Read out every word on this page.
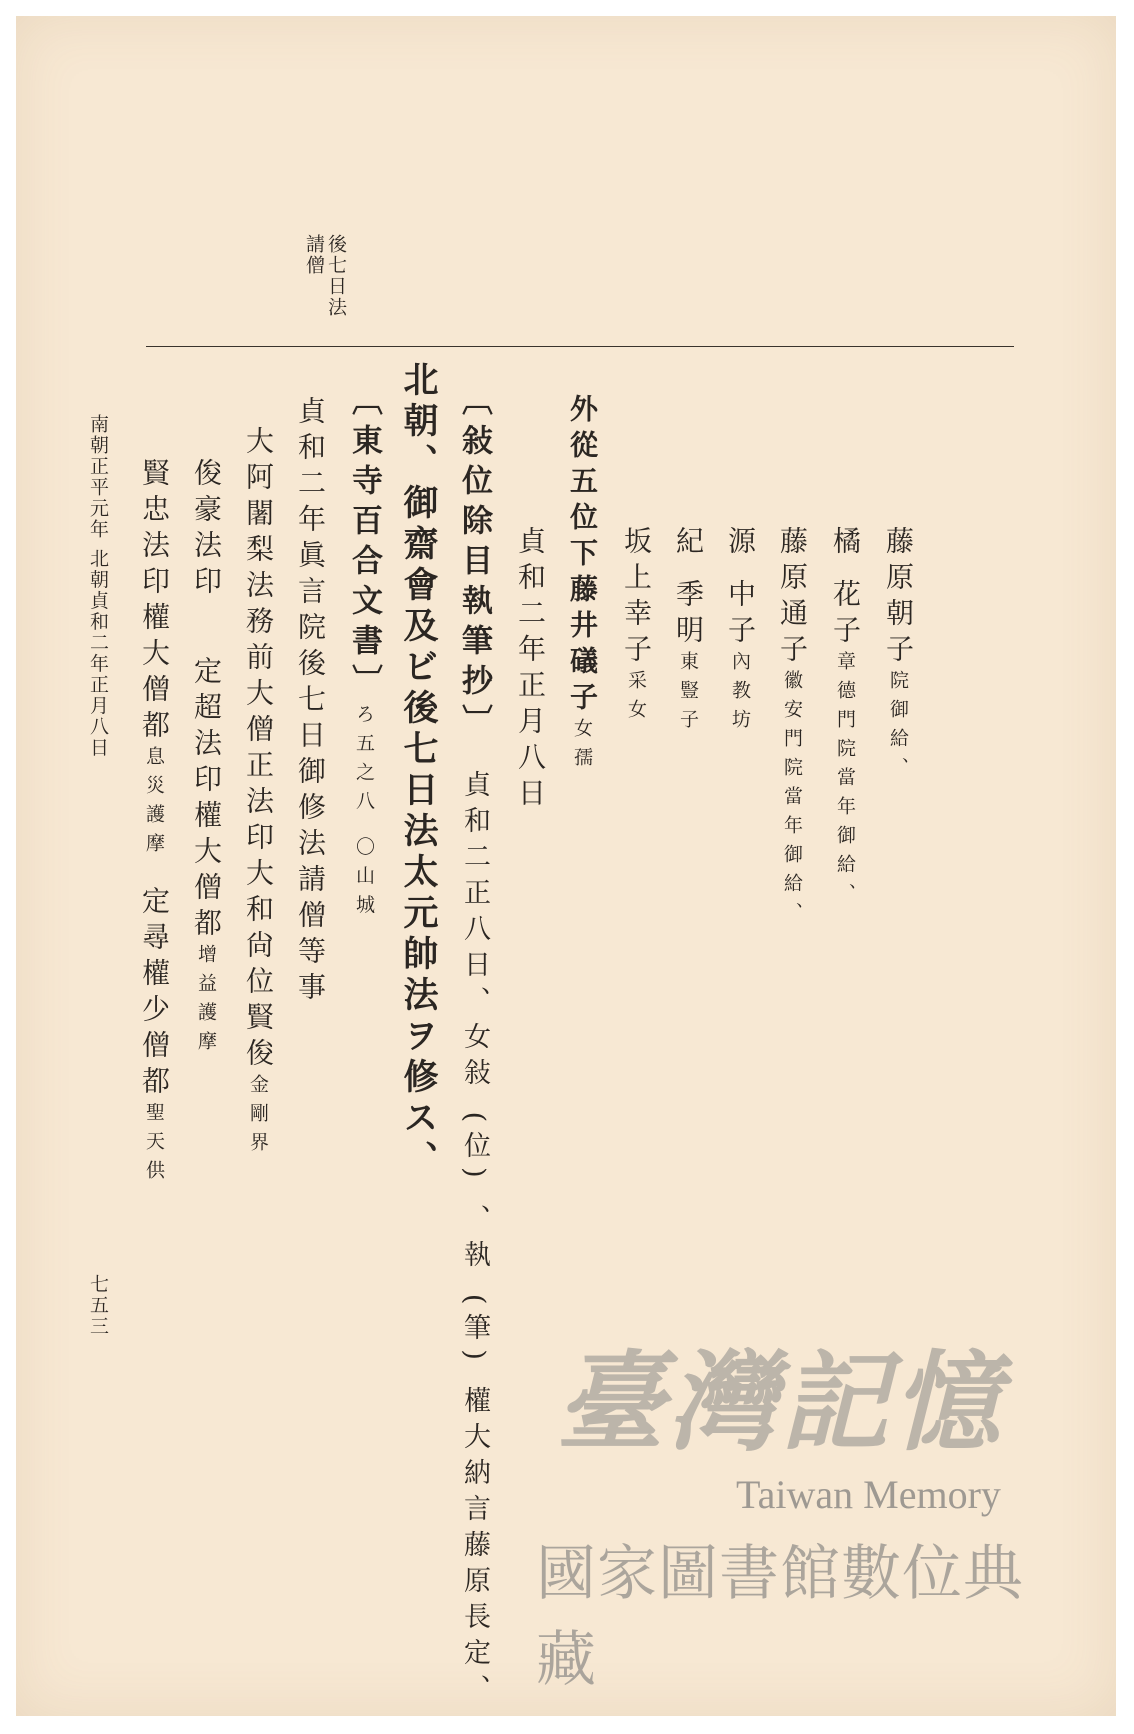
後七日法
請僧
藤原朝子院御給、
橘 花子章德門院當年御給、
藤原通子徽安門院當年御給、
源 中子內教坊
紀 季明東豎子
坂上幸子采女
外從五位下藤井礒子女孺
貞和二年正月八日
〔敍位除目執筆抄〕貞和二正八日、女敍 (位) 、執 (筆) 權大納言藤原長定、
北朝、御齋會及ビ後七日法太元帥法ヲ修ス、
〔東寺百合文書〕ろ五之八 〇山城
貞和二年眞言院後七日御修法請僧等事
大阿闍梨法務前大僧正法印大和尙位賢俊金剛界
俊豪法印
定超法印權大僧都增益護摩
賢忠法印權大僧都息災護摩
定尋權少僧都聖天供
南朝正平元年 北朝貞和二年正月八日
七五三
臺灣記憶
Taiwan Memory
國家圖書館數位典藏
